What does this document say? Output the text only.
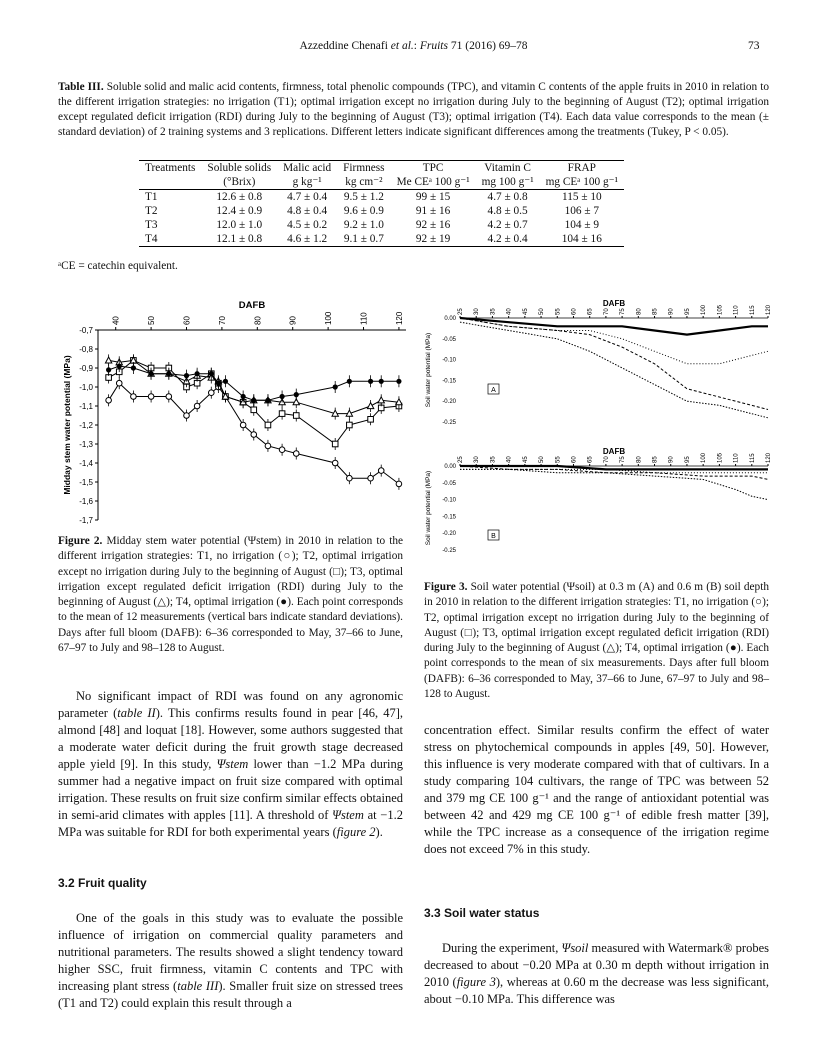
Azzeddine Chenafi et al.: Fruits 71 (2016) 69–78	73
Table III. Soluble solid and malic acid contents, firmness, total phenolic compounds (TPC), and vitamin C contents of the apple fruits in 2010 in relation to the different irrigation strategies: no irrigation (T1); optimal irrigation except no irrigation during July to the beginning of August (T2); optimal irrigation except regulated deficit irrigation (RDI) during July to the beginning of August (T3); optimal irrigation (T4). Each data value corresponds to the mean (± standard deviation) of 2 training systems and 3 replications. Different letters indicate significant differences among the treatments (Tukey, P < 0.05).
Treatments	Soluble solids	Malic acid	Firmness	TPC	Vitamin C	FRAP
	(°Brix)	g kg⁻¹	kg cm⁻²	Me CEᵃ 100 g⁻¹	mg 100 g⁻¹	mg CEᵃ 100 g⁻¹
T1	12.6 ± 0.8	4.7 ± 0.4	9.5 ± 1.2	99 ± 15	4.7 ± 0.8	115 ± 10
T2	12.4 ± 0.9	4.8 ± 0.4	9.6 ± 0.9	91 ± 16	4.8 ± 0.5	106 ± 7
T3	12.0 ± 1.0	4.5 ± 0.2	9.2 ± 1.0	92 ± 16	4.2 ± 0.7	104 ± 9
T4	12.1 ± 0.8	4.6 ± 1.2	9.1 ± 0.7	92 ± 19	4.2 ± 0.4	104 ± 16
ᵃCE = catechin equivalent.
DAFB
40	50	60	70	80	90	100	110	120
-0,7
-0,8
-0,9
-1,0
-1,1
-1,2
-1,3
-1,4
-1,5
-1,6
-1,7
Midday stem water potential (MPa)
Figure 2. Midday stem water potential (Ψstem) in 2010 in relation to the different irrigation strategies: T1, no irrigation (○); T2, optimal irrigation except no irrigation during July to the beginning of August (□); T3, optimal irrigation except regulated deficit irrigation (RDI) during July to the beginning of August (△); T4, optimal irrigation (●). Each point corresponds to the mean of 12 measurements (vertical bars indicate standard deviations). Days after full bloom (DAFB): 6–36 corresponded to May, 37–66 to June, 67–97 to July and 98–128 to August.
DAFB
25 30 35 40 45 50 55 60 65 70 75 80 85 90 95 100 105 110 115 120
0.00
-0.05
-0.10
-0.15
-0.20
-0.25
Soil water potential (MPa)	A
DAFB
25 30 35 40 45 50 55 60 65 70 75 80 85 90 95 100 105 110 115 120
0.00
-0.05
-0.10
-0.15
-0.20
-0.25
Soil water potential (MPa)	B
Figure 3. Soil water potential (Ψsoil) at 0.3 m (A) and 0.6 m (B) soil depth in 2010 in relation to the different irrigation strategies: T1, no irrigation (○); T2, optimal irrigation except no irrigation during July to the beginning of August (□); T3, optimal irrigation except regulated deficit irrigation (RDI) during July to the beginning of August (△); T4, optimal irrigation (●). Each point corresponds to the mean of six measurements. Days after full bloom (DAFB): 6–36 corresponded to May, 37–66 to June, 67–97 to July and 98–128 to August.

No significant impact of RDI was found on any agronomic parameter (table II). This confirms results found in pear [46, 47], almond [48] and loquat [18]. However, some authors suggested that a moderate water deficit during the fruit growth stage decreased apple yield [9]. In this study, Ψstem lower than −1.2 MPa during summer had a negative impact on fruit size compared with optimal irrigation. These results on fruit size confirm similar effects obtained in semi-arid climates with apples [11]. A threshold of Ψstem at −1.2 MPa was suitable for RDI for both experimental years (figure 2).

3.2 Fruit quality

One of the goals in this study was to evaluate the possible influence of irrigation on commercial quality parameters and nutritional parameters. The results showed a slight tendency toward higher SSC, fruit firmness, vitamin C contents and TPC with increasing plant stress (table III). Smaller fruit size on stressed trees (T1 and T2) could explain this result through a

concentration effect. Similar results confirm the effect of water stress on phytochemical compounds in apples [49, 50]. However, this influence is very moderate compared with that of cultivars. In a study comparing 104 cultivars, the range of TPC was between 52 and 379 mg CE 100 g⁻¹ and the range of antioxidant potential was between 42 and 429 mg CE 100 g⁻¹ of edible fresh matter [39], while the TPC increase as a consequence of the irrigation regime does not exceed 7% in this study.

3.3 Soil water status

During the experiment, Ψsoil measured with Watermark® probes decreased to about −0.20 MPa at 0.30 m depth without irrigation in 2010 (figure 3), whereas at 0.60 m the decrease was less significant, about −0.10 MPa. This difference was
